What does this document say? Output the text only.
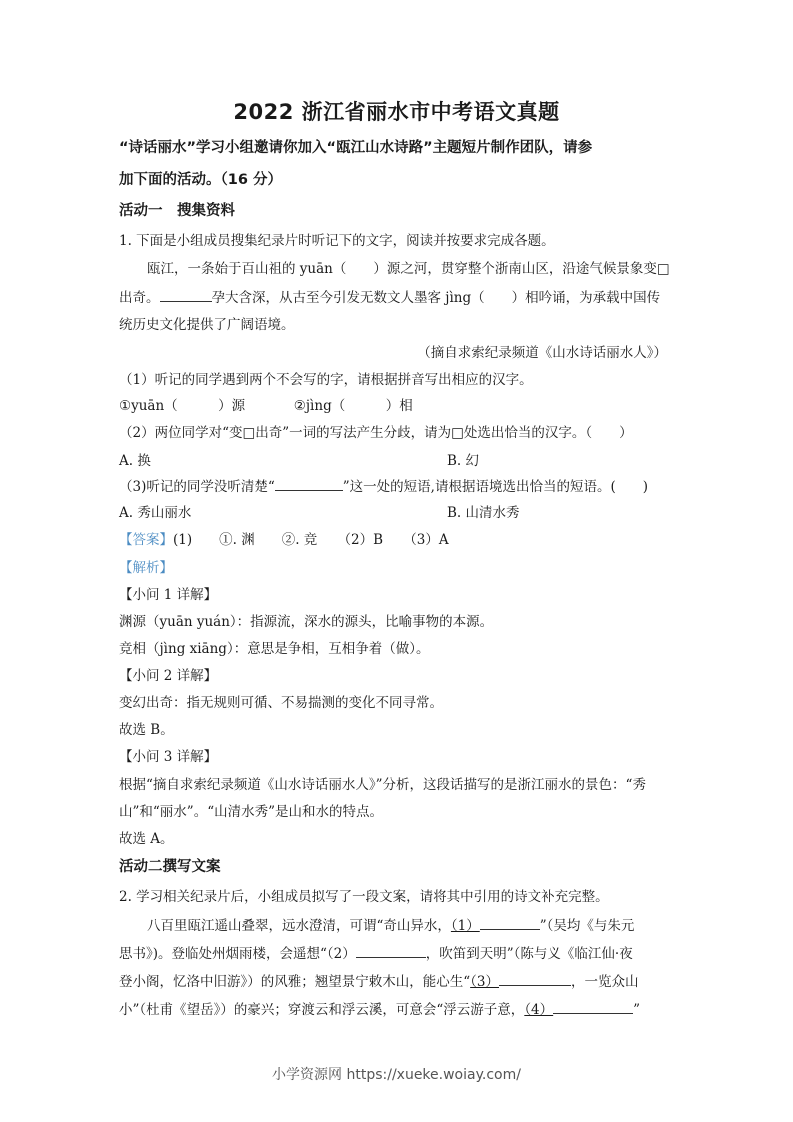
2022 浙江省丽水市中考语文真题
“诗话丽水”学习小组邀请你加入“瓯江山水诗路”主题短片制作团队，请参
加下面的活动。（16 分）
活动一　搜集资料
1. 下面是小组成员搜集纪录片时听记下的文字，阅读并按要求完成各题。
瓯江，一条始于百山祖的 yuān（　　）源之河，贯穿整个浙南山区，沿途气候景象变□
出奇。	孕大含深，从古至今引发无数文人墨客 jìng（　　）相吟诵，为承载中国传
统历史文化提供了广阔语境。
（摘自求索纪录频道《山水诗话丽水人》）
（1）听记的同学遇到两个不会写的字，请根据拼音写出相应的汉字。
①yuān（　　　）源	②jìng（　　　）相
（2）两位同学对“变□出奇”一词的写法产生分歧，请为□处选出恰当的汉字。（　　）
A. 换	B. 幻
（3)听记的同学没听清楚“	”这一处的短语,请根据语境选出恰当的短语。(　　)
A. 秀山丽水	B. 山清水秀
【答案】(1)　　①. 渊　　②. 竞　　（2）B　　（3）A
【解析】
【小问 1 详解】
渊源（yuān yuán）：指源流，深水的源头，比喻事物的本源。
竞相（jìng xiāng）：意思是争相，互相争着（做）。
【小问 2 详解】
变幻出奇：指无规则可循、不易揣测的变化不同寻常。
故选 B。
【小问 3 详解】
根据“摘自求索纪录频道《山水诗话丽水人》”分析，这段话描写的是浙江丽水的景色：“秀
山”和“丽水”。“山清水秀”是山和水的特点。
故选 A。
活动二撰写文案
2. 学习相关纪录片后，小组成员拟写了一段文案，请将其中引用的诗文补充完整。
八百里瓯江遥山叠翠，远水澄清，可谓“奇山异水，（1）	”（吴均《与朱元
思书》)。登临处州烟雨楼，会遥想“（2）	，吹笛到天明”（陈与义《临江仙·夜
登小阁，忆洛中旧游》）的风雅；翘望景宁敕木山，能心生“（3）	，一览众山
小”（杜甫《望岳》）的豪兴；穿渡云和浮云溪，可意会“浮云游子意，（4）	”
小学资源网 https://xueke.woiay.com/
